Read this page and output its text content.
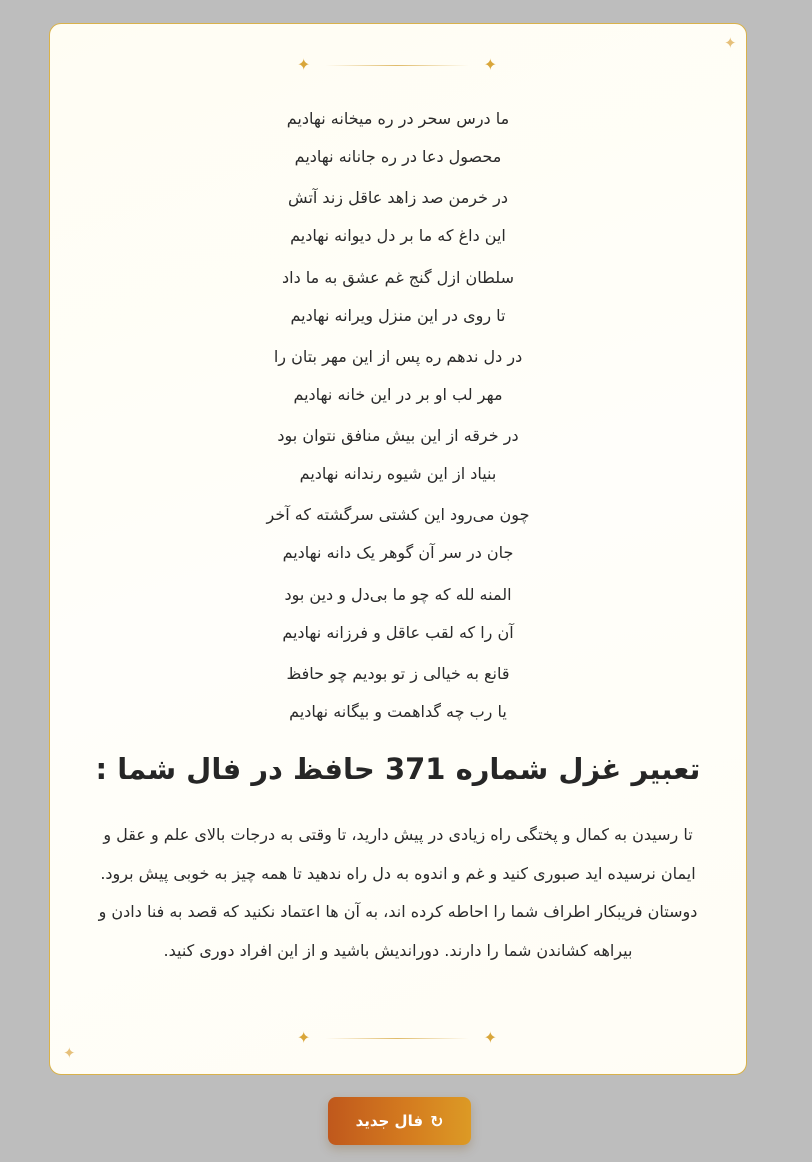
✦
✦
✦	✦
ما درس سحر در ره میخانه نهادیم
محصول دعا در ره جانانه نهادیم
در خرمن صد زاهد عاقل زند آتش
این داغ که ما بر دل دیوانه نهادیم
سلطان ازل گنج غم عشق به ما داد
تا روی در این منزل ویرانه نهادیم
در دل ندهم ره پس از این مهر بتان را
مهر لب او بر در این خانه نهادیم
در خرقه از این بیش منافق نتوان بود
بنیاد از این شیوه رندانه نهادیم
چون می‌رود این کشتی سرگشته که آخر
جان در سر آن گوهر یک دانه نهادیم
المنه لله که چو ما بی‌دل و دین بود
آن را که لقب عاقل و فرزانه نهادیم
قانع به خیالی ز تو بودیم چو حافظ
یا رب چه گداهمت و بیگانه نهادیم
تعبیر غزل شماره 371 حافظ در فال شما :

تا رسیدن به کمال و پختگی راه زیادی در پیش دارید، تا وقتی به درجات بالای علم و عقل و ایمان نرسیده اید صبوری کنید و غم و اندوه به دل راه ندهید تا همه چیز به خوبی پیش برود.

دوستان فریبکار اطراف شما را احاطه کرده اند، به آن ها اعتماد نکنید که قصد به فنا دادن و بیراهه کشاندن شما را دارند. دوراندیش باشید و از این افراد دوری کنید.

✦	✦
↻
فال جدید
